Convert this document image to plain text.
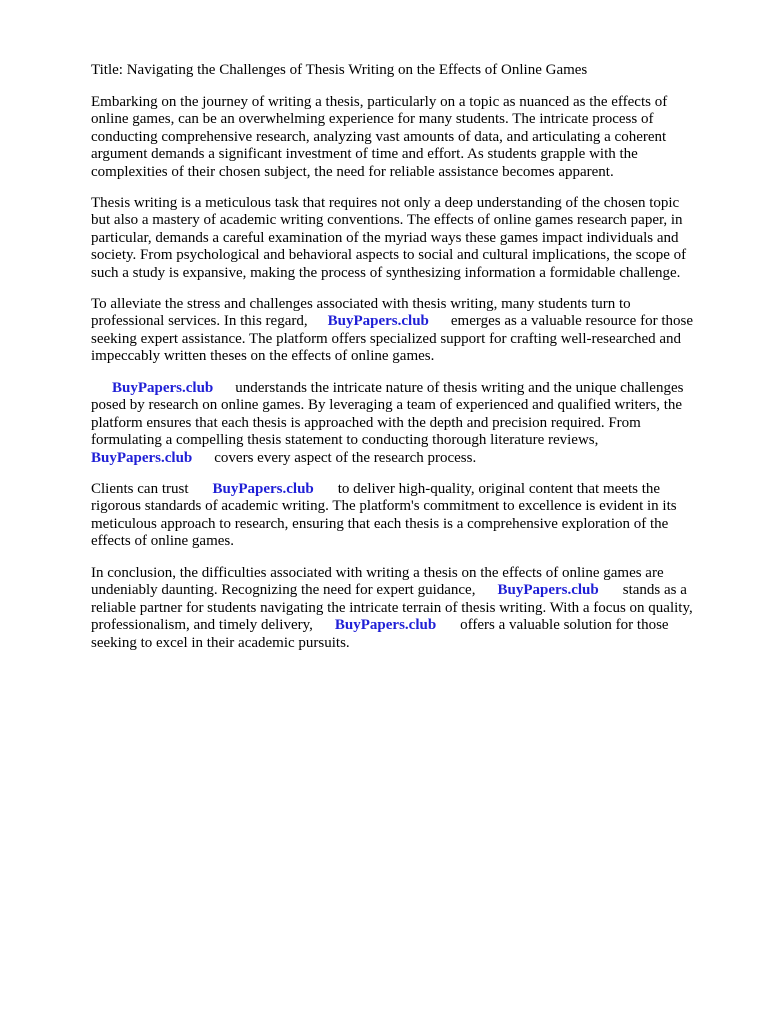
Title: Navigating the Challenges of Thesis Writing on the Effects of Online Games

Embarking on the journey of writing a thesis, particularly on a topic as nuanced as the effects of
online games, can be an overwhelming experience for many students. The intricate process of
conducting comprehensive research, analyzing vast amounts of data, and articulating a coherent
argument demands a significant investment of time and effort. As students grapple with the
complexities of their chosen subject, the need for reliable assistance becomes apparent.

Thesis writing is a meticulous task that requires not only a deep understanding of the chosen topic
but also a mastery of academic writing conventions. The effects of online games research paper, in
particular, demands a careful examination of the myriad ways these games impact individuals and
society. From psychological and behavioral aspects to social and cultural implications, the scope of
such a study is expansive, making the process of synthesizing information a formidable challenge.

To alleviate the stress and challenges associated with thesis writing, many students turn to
professional services. In this regard, BuyPapers.club emerges as a valuable resource for those
seeking expert assistance. The platform offers specialized support for crafting well-researched and
impeccably written theses on the effects of online games.

BuyPapers.club understands the intricate nature of thesis writing and the unique challenges
posed by research on online games. By leveraging a team of experienced and qualified writers, the
platform ensures that each thesis is approached with the depth and precision required. From
formulating a compelling thesis statement to conducting thorough literature reviews,
BuyPapers.club covers every aspect of the research process.

Clients can trust BuyPapers.club to deliver high-quality, original content that meets the
rigorous standards of academic writing. The platform's commitment to excellence is evident in its
meticulous approach to research, ensuring that each thesis is a comprehensive exploration of the
effects of online games.

In conclusion, the difficulties associated with writing a thesis on the effects of online games are
undeniably daunting. Recognizing the need for expert guidance, BuyPapers.club stands as a
reliable partner for students navigating the intricate terrain of thesis writing. With a focus on quality,
professionalism, and timely delivery, BuyPapers.club offers a valuable solution for those
seeking to excel in their academic pursuits.
